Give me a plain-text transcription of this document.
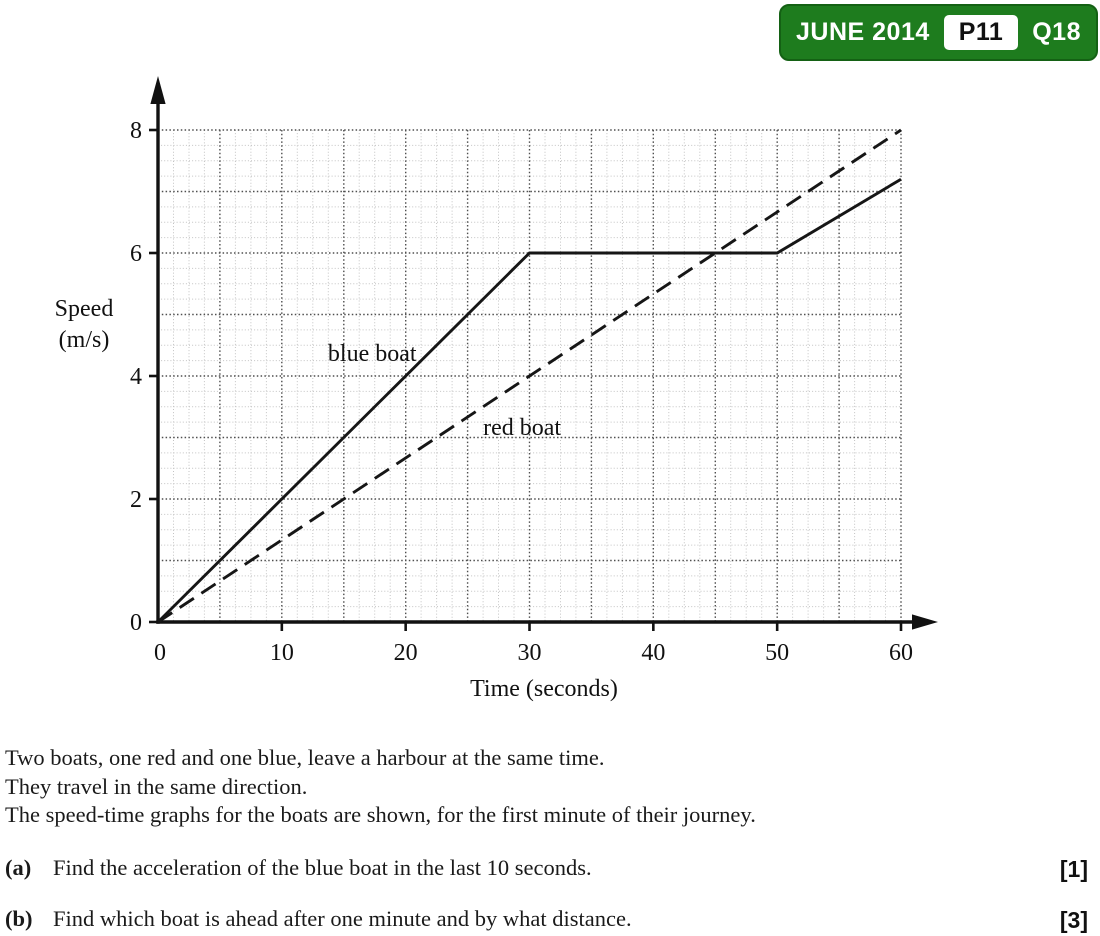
JUNE 2014	P11	Q18
0
2
4
6
8
0	10	20	30	40	50	60
Speed
(m/s)
Time (seconds)
blue boat
red boat
Two boats, one red and one blue, leave a harbour at the same time.
They travel in the same direction.
The speed-time graphs for the boats are shown, for the first minute of their journey.
(a) Find the acceleration of the blue boat in the last 10 seconds.	[1]
(b) Find which boat is ahead after one minute and by what distance.	[3]
